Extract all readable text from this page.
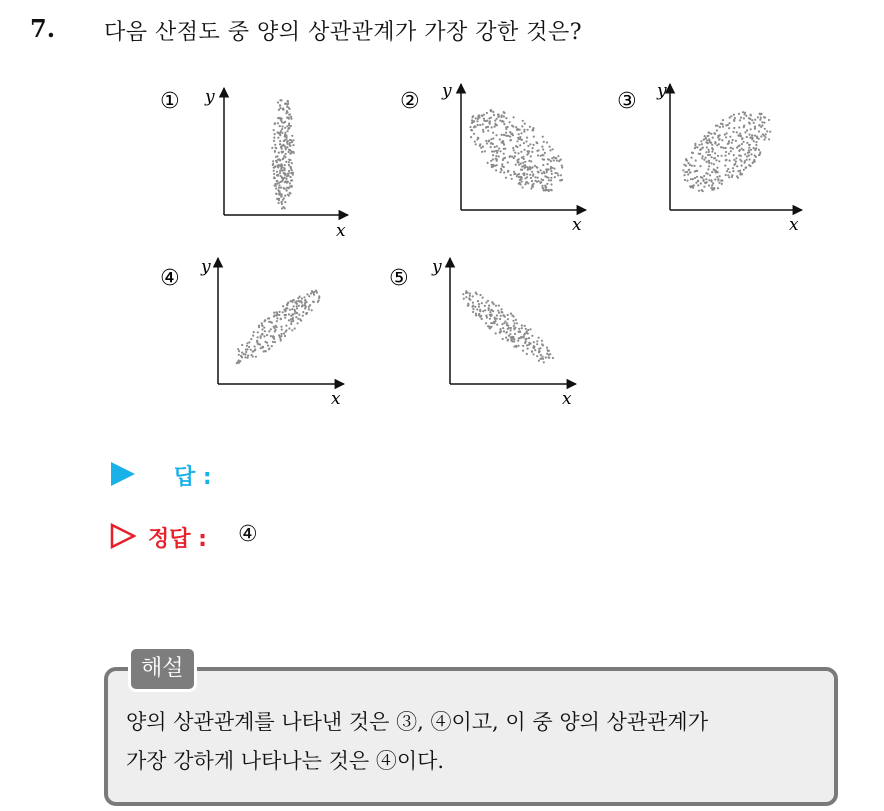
7. 다음 산점도 중 양의 상관관계가 가장 강한 것은?
① y
x
② y
x
③ y
x
④ y
x
⑤ y
x
답 :
정답 : ④
해설
양의 상관관계를 나타낸 것은 ③, ④이고, 이 중 양의 상관관계가
가장 강하게 나타나는 것은 ④이다.
